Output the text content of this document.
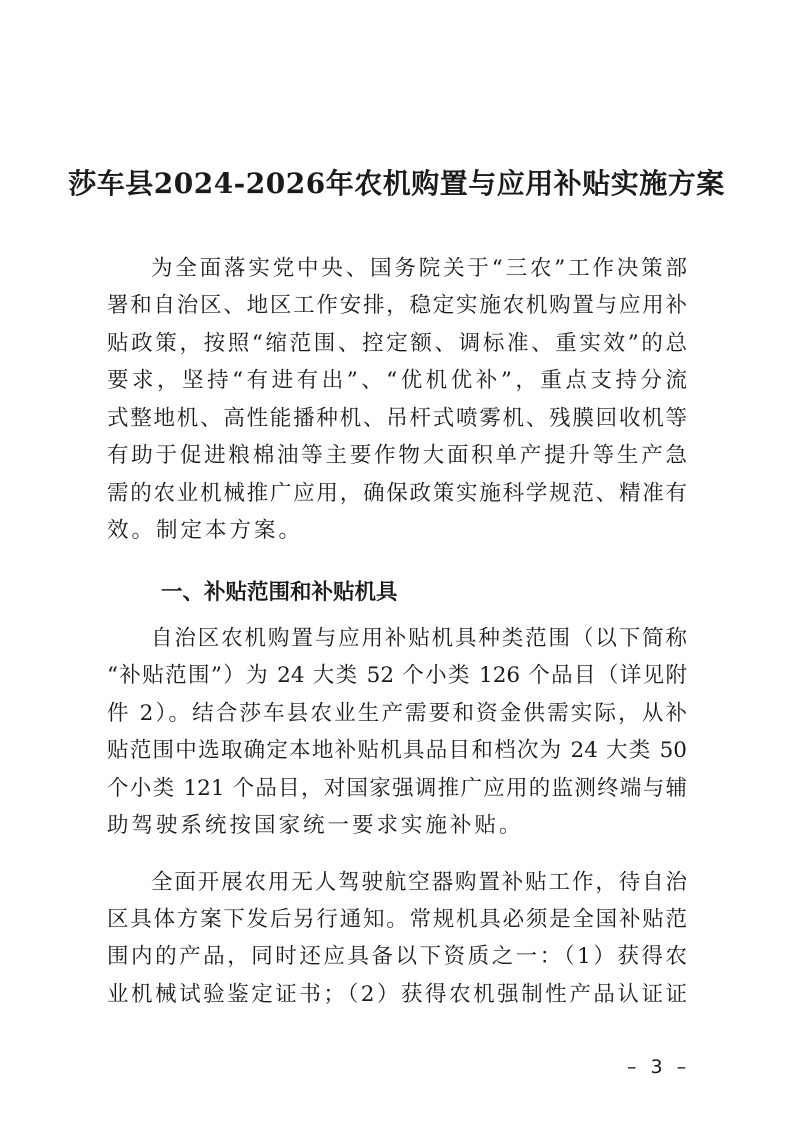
莎车县2024-2026年农机购置与应用补贴实施方案
为全面落实党中央、国务院关于“三农”工作决策部
署和自治区、地区工作安排，稳定实施农机购置与应用补
贴政策，按照“缩范围、控定额、调标准、重实效”的总
要求，坚持“有进有出”、“优机优补”，重点支持分流
式整地机、高性能播种机、吊杆式喷雾机、残膜回收机等
有助于促进粮棉油等主要作物大面积单产提升等生产急
需的农业机械推广应用，确保政策实施科学规范、精准有
效。制定本方案。
一、补贴范围和补贴机具
自治区农机购置与应用补贴机具种类范围（以下简称
“补贴范围”）为 24 大类 52 个小类 126 个品目（详见附
件 2）。结合莎车县农业生产需要和资金供需实际，从补
贴范围中选取确定本地补贴机具品目和档次为 24 大类 50
个小类 121 个品目，对国家强调推广应用的监测终端与辅
助驾驶系统按国家统一要求实施补贴。
全面开展农用无人驾驶航空器购置补贴工作，待自治
区具体方案下发后另行通知。常规机具必须是全国补贴范
围内的产品，同时还应具备以下资质之一：（1）获得农
业机械试验鉴定证书；（2）获得农机强制性产品认证证
– 3 –
